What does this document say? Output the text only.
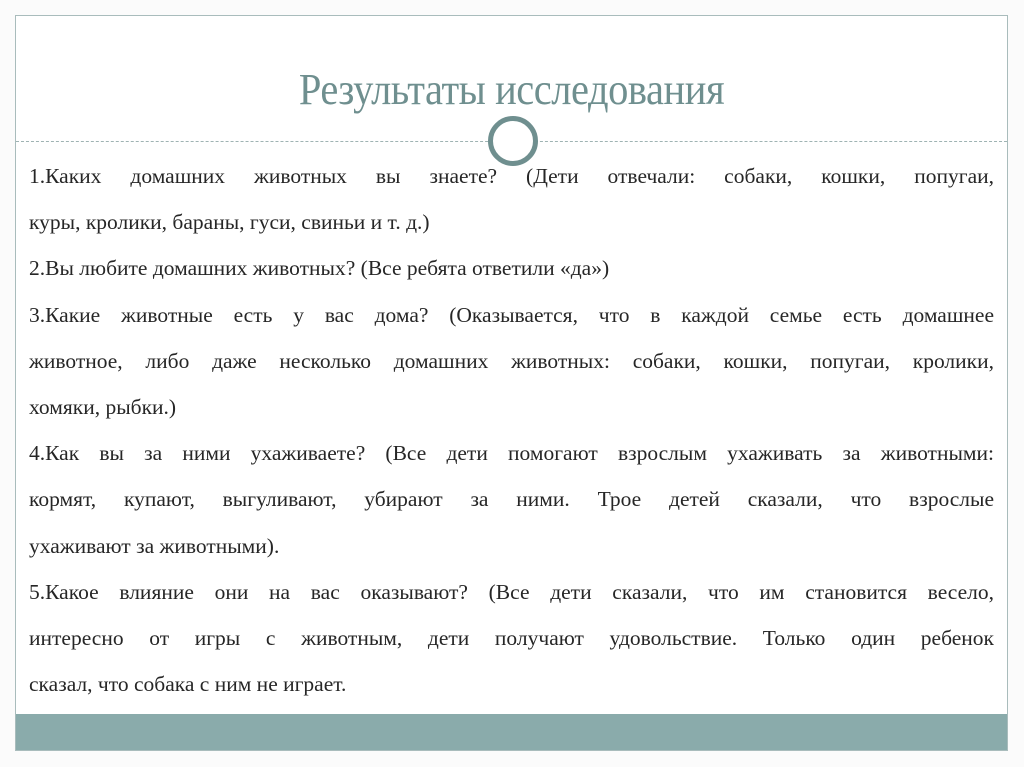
Результаты исследования
1.Каких домашних животных вы знаете? (Дети отвечали: собаки, кошки, попугаи,
куры, кролики, бараны, гуси, свиньи и т. д.)
2.Вы любите домашних животных? (Все ребята ответили «да»)
3.Какие животные есть у вас дома? (Оказывается, что в каждой семье есть домашнее
животное, либо даже несколько домашних животных: собаки, кошки, попугаи, кролики,
хомяки, рыбки.)
4.Как вы за ними ухаживаете? (Все дети помогают взрослым ухаживать за животными:
кормят, купают, выгуливают, убирают за ними. Трое детей сказали, что взрослые
ухаживают за животными).
5.Какое влияние они на вас оказывают? (Все дети сказали, что им становится весело,
интересно от игры с животным, дети получают удовольствие. Только один ребенок
сказал, что собака с ним не играет.
